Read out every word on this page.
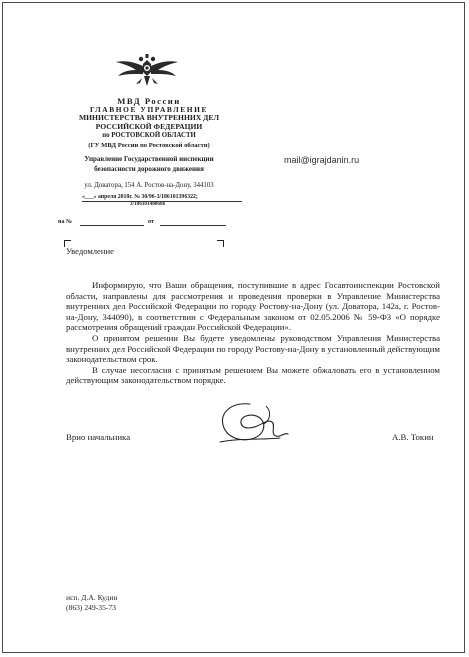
МВД России
ГЛАВНОЕ УПРАВЛЕНИЕ
МИНИСТЕРСТВА ВНУТРЕННИХ ДЕЛ
РОССИЙСКОЙ ФЕДЕРАЦИИ
по РОСТОВСКОЙ ОБЛАСТИ
(ГУ МВД России по Ростовской области)
Управление Государственной инспекции
безопасности дорожного движения
ул. Доватора, 154 А. Ростов-на-Дону, 344103
«___» апреля 2018г. № 30/96-3/186101396322;
3/186101408686
на №	от
mail@igrajdanin.ru
Уведомление

Информирую, что Ваши обращения, поступившие в адрес Госавтоинспекции Ростовской области, направлены для рассмотрения и проведения проверки в Управление Министерства внутренних дел Российской Федерации по городу Ростову-на-Дону (ул. Доватора, 142а, г. Ростов-на-Дону, 344090), в соответствии с Федеральным законом от 02.05.2006 № 59-ФЗ «О порядке рассмотрения обращений граждан Российской Федерации».

О принятом решении Вы будете уведомлены руководством Управления Министерства внутренних дел Российской Федерации по городу Ростову-на-Дону в установленный действующим законодательством срок.

В случае несогласия с принятым решением Вы можете обжаловать его в установленном действующим законодательством порядке.

Врио начальника	А.В. Токин
исп. Д.А. Кудин
(863) 249-35-73
